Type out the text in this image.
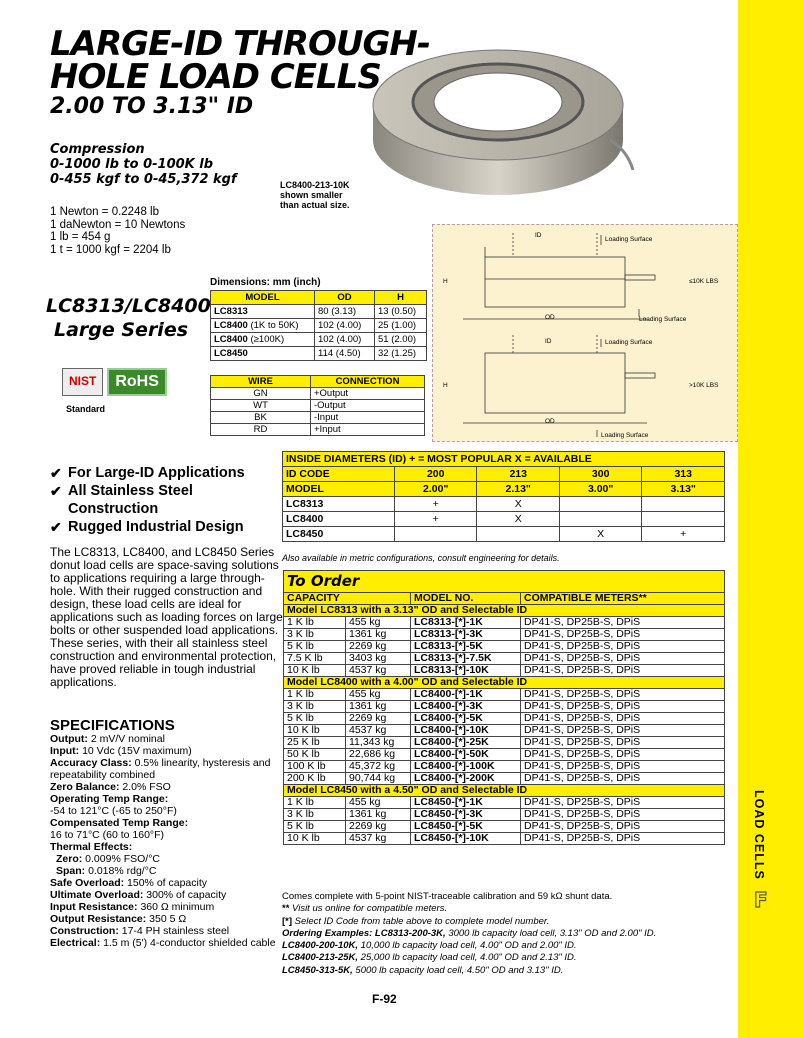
LARGE-ID THROUGH-
HOLE LOAD CELLS
2.00 TO 3.13" ID
LC8400-213-10K
shown smaller
than actual size.
Compression
0-1000 lb to 0-100K lb
0-455 kgf to 0-45,372 kgf
1 Newton = 0.2248 lb
1 daNewton = 10 Newtons
1 lb = 454 g
1 t = 1000 kgf = 2204 lb
LC8313/LC8400
Large Series
NIST	RoHS
Standard
Dimensions: mm (inch)
MODEL	OD	H
LC8313	80 (3.13)	13 (0.50)
LC8400 (1K to 50K)	102 (4.00)	25 (1.00)
LC8400 (≥100K)	102 (4.00)	51 (2.00)
LC8450	114 (4.50)	32 (1.25)
WIRE	CONNECTION
GN	+Output
WT	-Output
BK	-Input
RD	+Input
ID
Loading Surface
H	≤10K LBS
OD	Loading Surface
ID	Loading Surface
H	>10K LBS
OD
Loading Surface
✔ For Large-ID Applications
✔ All Stainless Steel
Construction
✔ Rugged Industrial Design
The LC8313, LC8400, and LC8450 Series donut load cells are space-saving solutions to applications requiring a large through-hole. With their rugged construction and design, these load cells are ideal for applications such as loading forces on large bolts or other suspended load applications. These series, with their all stainless steel construction and environmental protection, have proved reliable in tough industrial applications.
SPECIFICATIONS
Output: 2 mV/V nominal
Input: 10 Vdc (15V maximum)
Accuracy Class: 0.5% linearity, hysteresis and repeatability combined
Zero Balance: 2.0% FSO
Operating Temp Range:
-54 to 121°C (-65 to 250°F)
Compensated Temp Range:
16 to 71°C (60 to 160°F)
Thermal Effects:
Zero: 0.009% FSO/°C
Span: 0.018% rdg/°C
Safe Overload: 150% of capacity
Ultimate Overload: 300% of capacity
Input Resistance: 360 Ω minimum
Output Resistance: 350 5 Ω
Construction: 17-4 PH stainless steel
Electrical: 1.5 m (5') 4-conductor shielded cable
INSIDE DIAMETERS (ID) + = MOST POPULAR X = AVAILABLE				
ID CODE	200	213	300	313
MODEL	2.00"	2.13"	3.00"	3.13"
LC8313	+	X		
LC8400	+	X		
LC8450			X	+
Also available in metric configurations, consult engineering for details.
To Order			
CAPACITY		MODEL NO.	COMPATIBLE METERS**
Model LC8313 with a 3.13" OD and Selectable ID			
1 K lb	455 kg	LC8313-[*]-1K	DP41-S, DP25B-S, DPiS
3 K lb	1361 kg	LC8313-[*]-3K	DP41-S, DP25B-S, DPiS
5 K lb	2269 kg	LC8313-[*]-5K	DP41-S, DP25B-S, DPiS
7.5 K lb	3403 kg	LC8313-[*]-7.5K	DP41-S, DP25B-S, DPiS
10 K lb	4537 kg	LC8313-[*]-10K	DP41-S, DP25B-S, DPiS
Model LC8400 with a 4.00" OD and Selectable ID			
1 K lb	455 kg	LC8400-[*]-1K	DP41-S, DP25B-S, DPiS
3 K lb	1361 kg	LC8400-[*]-3K	DP41-S, DP25B-S, DPiS
5 K lb	2269 kg	LC8400-[*]-5K	DP41-S, DP25B-S, DPiS
10 K lb	4537 kg	LC8400-[*]-10K	DP41-S, DP25B-S, DPiS
25 K lb	11,343 kg	LC8400-[*]-25K	DP41-S, DP25B-S, DPiS
50 K lb	22,686 kg	LC8400-[*]-50K	DP41-S, DP25B-S, DPiS
100 K lb	45,372 kg	LC8400-[*]-100K	DP41-S, DP25B-S, DPiS
200 K lb	90,744 kg	LC8400-[*]-200K	DP41-S, DP25B-S, DPiS
Model LC8450 with a 4.50" OD and Selectable ID			
1 K lb	455 kg	LC8450-[*]-1K	DP41-S, DP25B-S, DPiS
3 K lb	1361 kg	LC8450-[*]-3K	DP41-S, DP25B-S, DPiS
5 K lb	2269 kg	LC8450-[*]-5K	DP41-S, DP25B-S, DPiS
10 K lb	4537 kg	LC8450-[*]-10K	DP41-S, DP25B-S, DPiS
Comes complete with 5-point NIST-traceable calibration and 59 kΩ shunt data.
** Visit us online for compatible meters.
[*] Select ID Code from table above to complete model number.
Ordering Examples: LC8313-200-3K, 3000 lb capacity load cell, 3.13" OD and 2.00" ID.
LC8400-200-10K, 10,000 lb capacity load cell, 4.00" OD and 2.00" ID.
LC8400-213-25K, 25,000 lb capacity load cell, 4.00" OD and 2.13" ID.
LC8450-313-5K, 5000 lb capacity load cell, 4.50" OD and 3.13" ID.
F-92
LOAD CELLS
F
